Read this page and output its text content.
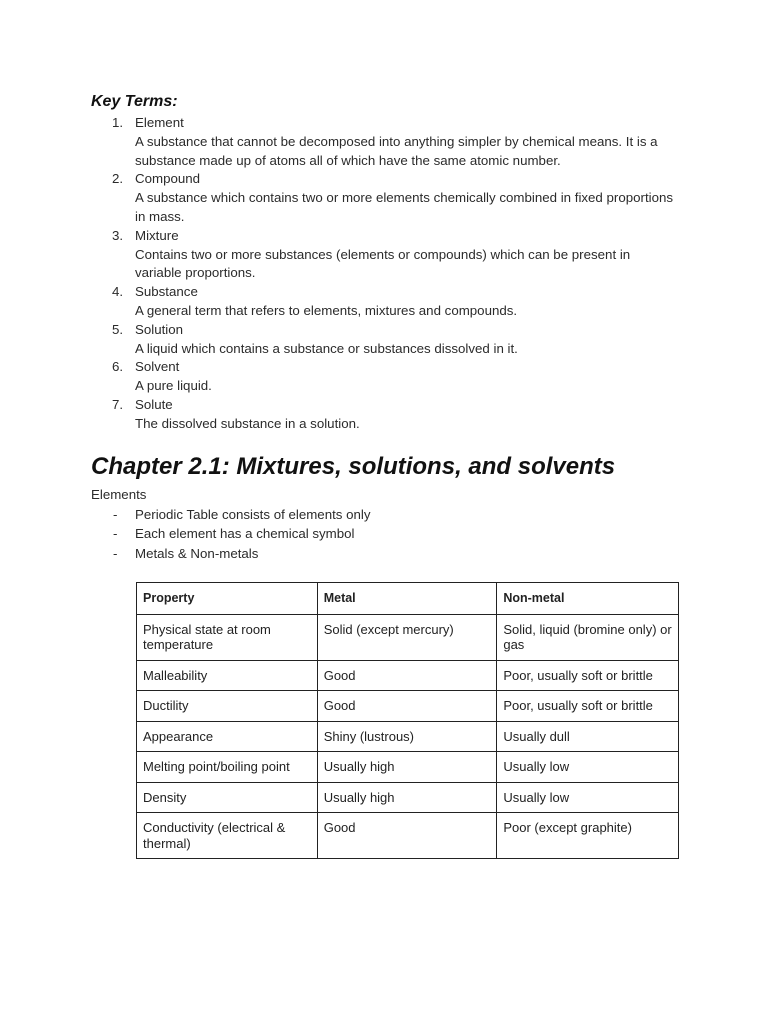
Key Terms:
1. Element
A substance that cannot be decomposed into anything simpler by chemical means. It is a substance made up of atoms all of which have the same atomic number.
2. Compound
A substance which contains two or more elements chemically combined in fixed proportions in mass.
3. Mixture
Contains two or more substances (elements or compounds) which can be present in variable proportions.
4. Substance
A general term that refers to elements, mixtures and compounds.
5. Solution
A liquid which contains a substance or substances dissolved in it.
6. Solvent
A pure liquid.
7. Solute
The dissolved substance in a solution.
Chapter 2.1: Mixtures, solutions, and solvents
Elements
- Periodic Table consists of elements only
- Each element has a chemical symbol
- Metals & Non-metals
Property	Metal	Non-metal
Physical state at room temperature	Solid (except mercury)	Solid, liquid (bromine only) or gas
Malleability	Good	Poor, usually soft or brittle
Ductility	Good	Poor, usually soft or brittle
Appearance	Shiny (lustrous)	Usually dull
Melting point/boiling point	Usually high	Usually low
Density	Usually high	Usually low
Conductivity (electrical & thermal)	Good	Poor (except graphite)
